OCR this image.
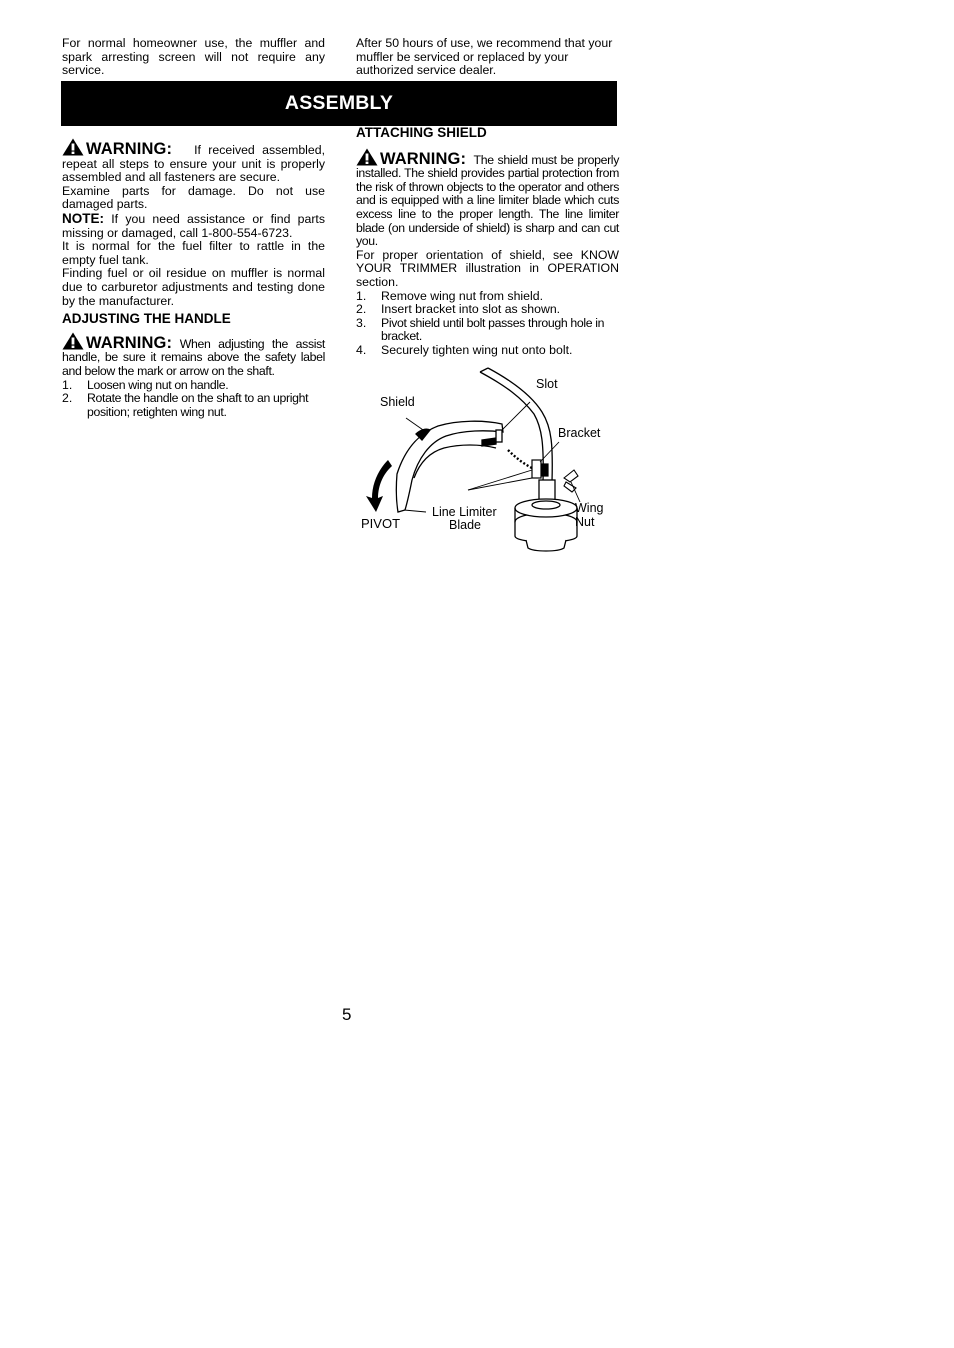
For normal homeowner use, the muffler and spark arresting screen will not require any service.

After 50 hours of use, we recommend that your muffler be serviced or replaced by your authorized service dealer.

ASSEMBLY

WARNING: If received assembled, repeat all steps to ensure your unit is properly assembled and all fasteners are secure.

Examine parts for damage. Do not use damaged parts.

NOTE: If you need assistance or find parts missing or damaged, call 1-800-554-6723.

It is normal for the fuel filter to rattle in the empty fuel tank.

Finding fuel or oil residue on muffler is normal due to carburetor adjustments and testing done by the manufacturer.

ADJUSTING THE HANDLE

WARNING: When adjusting the assist handle, be sure it remains above the safety label and below the mark or arrow on the shaft.

1.	Loosen wing nut on handle.
2.	Rotate the handle on the shaft to an upright position; retighten wing nut.

ATTACHING SHIELD

WARNING: The shield must be properly installed. The shield provides partial protection from the risk of thrown objects to the operator and others and is equipped with a line limiter blade which cuts excess line to the proper length. The line limiter blade (on underside of shield) is sharp and can cut you.

For proper orientation of shield, see KNOW YOUR TRIMMER illustration in OPERATION section.

1.	Remove wing nut from shield.
2.	Insert bracket into slot as shown.
3.	Pivot shield until bolt passes through hole in bracket.
4.	Securely tighten wing nut onto bolt.
Slot
Shield
Bracket
Line Limiter
Blade
Wing
Nut
PIVOT
5
